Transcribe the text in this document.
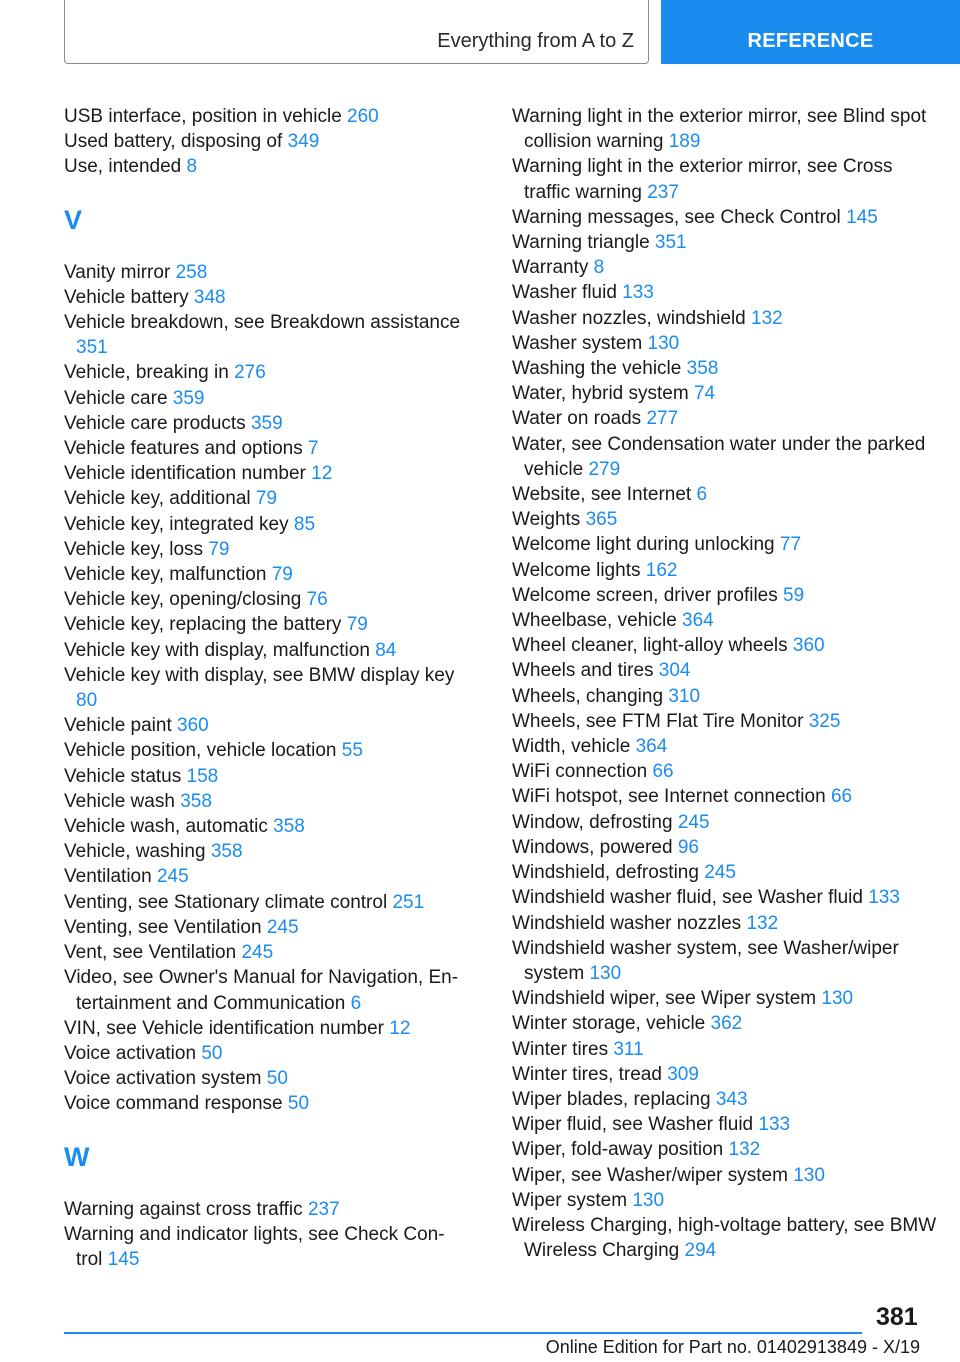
Everything from A to Z	REFERENCE
USB interface, position in vehicle 260
Used battery, disposing of 349
Use, intended 8
V
Vanity mirror 258
Vehicle battery 348
Vehicle breakdown, see Breakdown assistance 351
Vehicle, breaking in 276
Vehicle care 359
Vehicle care products 359
Vehicle features and options 7
Vehicle identification number 12
Vehicle key, additional 79
Vehicle key, integrated key 85
Vehicle key, loss 79
Vehicle key, malfunction 79
Vehicle key, opening/closing 76
Vehicle key, replacing the battery 79
Vehicle key with display, malfunction 84
Vehicle key with display, see BMW display key 80
Vehicle paint 360
Vehicle position, vehicle location 55
Vehicle status 158
Vehicle wash 358
Vehicle wash, automatic 358
Vehicle, washing 358
Ventilation 245
Venting, see Stationary climate control 251
Venting, see Ventilation 245
Vent, see Ventilation 245
Video, see Owner's Manual for Navigation, Entertainment and Communication 6
VIN, see Vehicle identification number 12
Voice activation 50
Voice activation system 50
Voice command response 50
W
Warning against cross traffic 237
Warning and indicator lights, see Check Control 145
Warning light in the exterior mirror, see Blind spot collision warning 189
Warning light in the exterior mirror, see Cross traffic warning 237
Warning messages, see Check Control 145
Warning triangle 351
Warranty 8
Washer fluid 133
Washer nozzles, windshield 132
Washer system 130
Washing the vehicle 358
Water, hybrid system 74
Water on roads 277
Water, see Condensation water under the parked vehicle 279
Website, see Internet 6
Weights 365
Welcome light during unlocking 77
Welcome lights 162
Welcome screen, driver profiles 59
Wheelbase, vehicle 364
Wheel cleaner, light-alloy wheels 360
Wheels and tires 304
Wheels, changing 310
Wheels, see FTM Flat Tire Monitor 325
Width, vehicle 364
WiFi connection 66
WiFi hotspot, see Internet connection 66
Window, defrosting 245
Windows, powered 96
Windshield, defrosting 245
Windshield washer fluid, see Washer fluid 133
Windshield washer nozzles 132
Windshield washer system, see Washer/wiper system 130
Windshield wiper, see Wiper system 130
Winter storage, vehicle 362
Winter tires 311
Winter tires, tread 309
Wiper blades, replacing 343
Wiper fluid, see Washer fluid 133
Wiper, fold-away position 132
Wiper, see Washer/wiper system 130
Wiper system 130
Wireless Charging, high-voltage battery, see BMW Wireless Charging 294
381
Online Edition for Part no. 01402913849 - X/19
